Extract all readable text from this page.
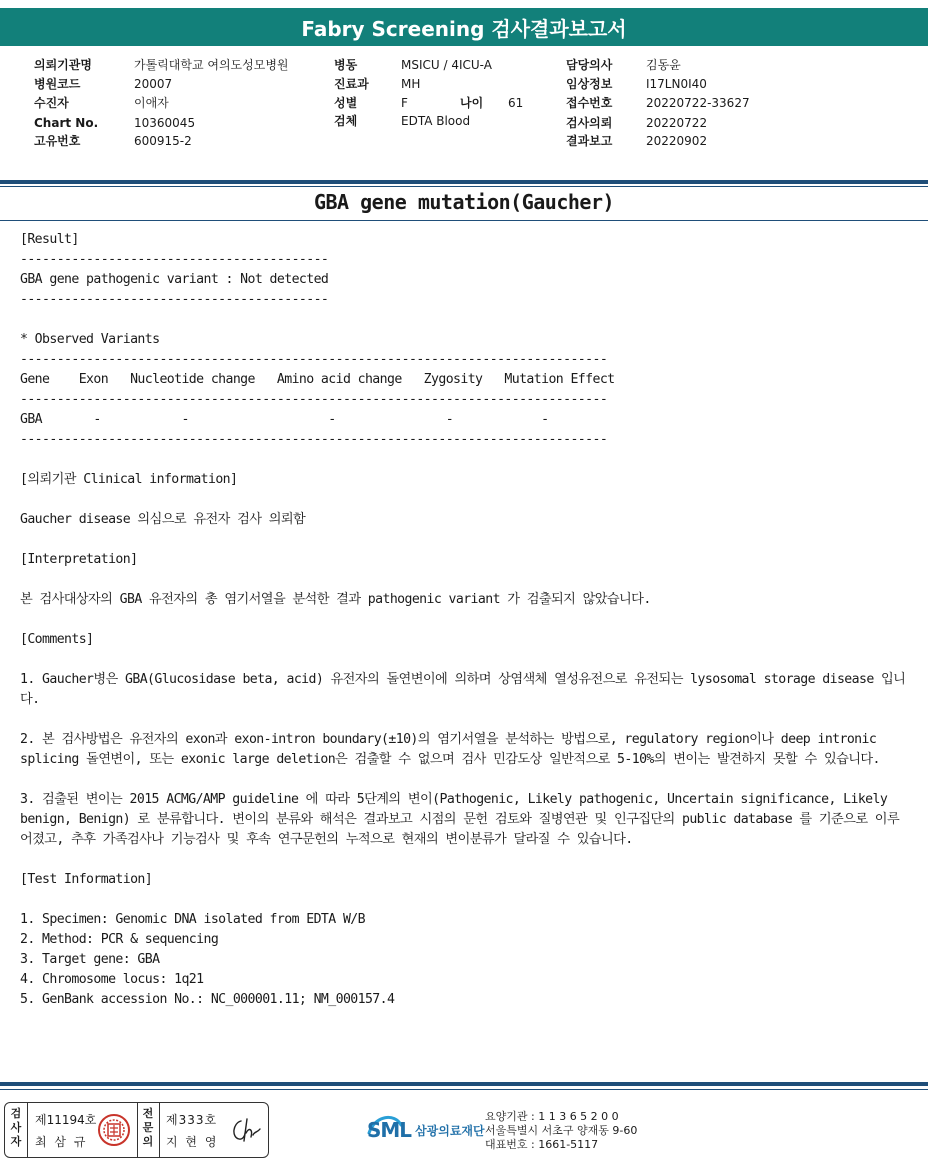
Fabry Screening 검사결과보고서
의뢰기관명	가톨릭대학교 여의도성모병원
병원코드	20007
수진자	이애자
Chart No.	10360045
고유번호	600915-2
병동	MSICU / 4ICU-A
진료과	MH
성별	F	나이 61
검체	EDTA Blood
담당의사	김동윤
임상정보	I17LN0I40
접수번호	20220722-33627
검사의뢰	20220722
결과보고	20220902
GBA gene mutation(Gaucher)
[Result]
------------------------------------------
GBA gene pathogenic variant : Not detected
------------------------------------------
* Observed Variants
--------------------------------------------------------------------------------
Gene    Exon   Nucleotide change   Amino acid change   Zygosity   Mutation Effect
--------------------------------------------------------------------------------
GBA       -           -                   -               -            -
--------------------------------------------------------------------------------
[의뢰기관 Clinical information]
Gaucher disease 의심으로 유전자 검사 의뢰함
[Interpretation]
본 검사대상자의 GBA 유전자의 총 염기서열을 분석한 결과 pathogenic variant 가 검출되지 않았습니다.
[Comments]
1. Gaucher병은 GBA(Glucosidase beta, acid) 유전자의 돌연변이에 의하며 상염색체 열성유전으로 유전되는 lysosomal storage disease 입니다.
2. 본 검사방법은 유전자의 exon과 exon-intron boundary(±10)의 염기서열을 분석하는 방법으로, regulatory region이나 deep intronic splicing 돌연변이, 또는 exonic large deletion은 검출할 수 없으며 검사 민감도상 일반적으로 5-10%의 변이는 발견하지 못할 수 있습니다.
3. 검출된 변이는 2015 ACMG/AMP guideline 에 따라 5단계의 변이(Pathogenic, Likely pathogenic, Uncertain significance, Likely benign, Benign) 로 분류합니다. 변이의 분류와 해석은 결과보고 시점의 문헌 검토와 질병연관 및 인구집단의 public database 를 기준으로 이루어졌고, 추후 가족검사나 기능검사 및 후속 연구문헌의 누적으로 현재의 변이분류가 달라질 수 있습니다.
[Test Information]
1. Specimen: Genomic DNA isolated from EDTA W/B
2. Method: PCR & sequencing
3. Target gene: GBA
4. Chromosome locus: 1q21
5. GenBank accession No.: NC_000001.11; NM_000157.4
검
사
자
제11194호
최 삼 규
전
문
의
제333호
지 현 영	SML 삼광의료재단
요양기관 : 1 1 3 6 5 2 0 0
서울특별시 서초구 양재동 9-60
대표번호 : 1661-5117
